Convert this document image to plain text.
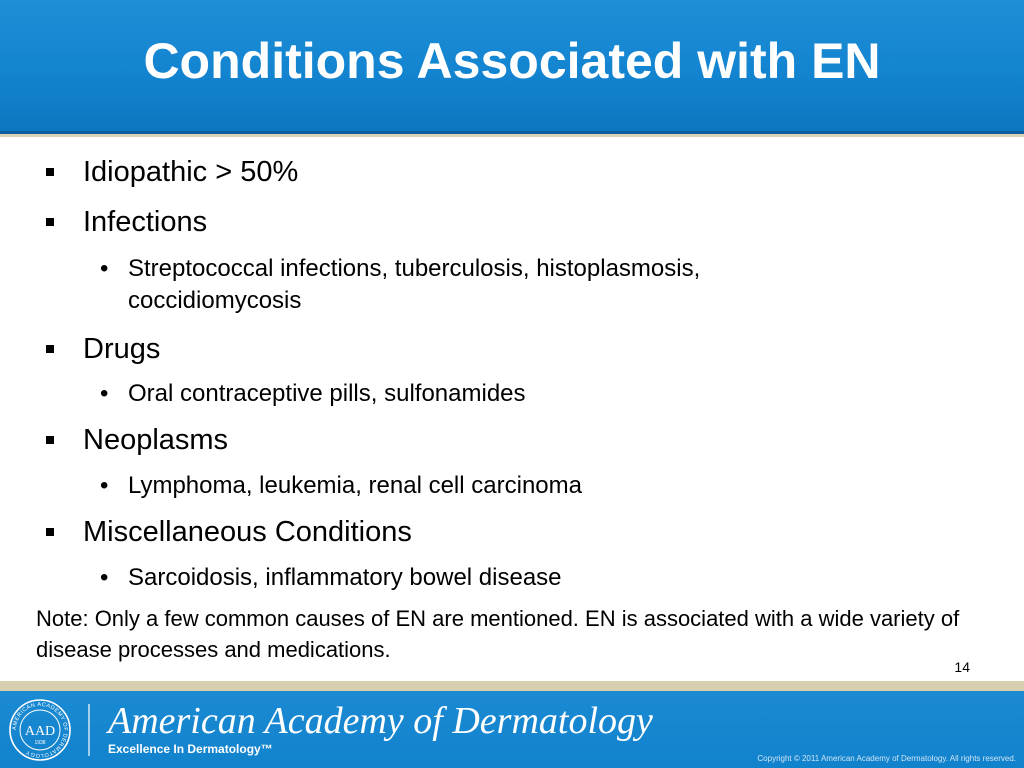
Conditions Associated with EN
Idiopathic > 50%
Infections
• Streptococcal infections, tuberculosis, histoplasmosis, coccidiomycosis
Drugs
• Oral contraceptive pills, sulfonamides
Neoplasms
• Lymphoma, leukemia, renal cell carcinoma
Miscellaneous Conditions
• Sarcoidosis, inflammatory bowel disease
Note: Only a few common causes of EN are mentioned. EN is associated with a wide variety of disease processes and medications.
14
AMERICAN ACADEMY OF DERMATOLOGY
AAD
1938
American Academy of Dermatology
Excellence In Dermatology™
Copyright © 2011 American Academy of Dermatology. All rights reserved.
